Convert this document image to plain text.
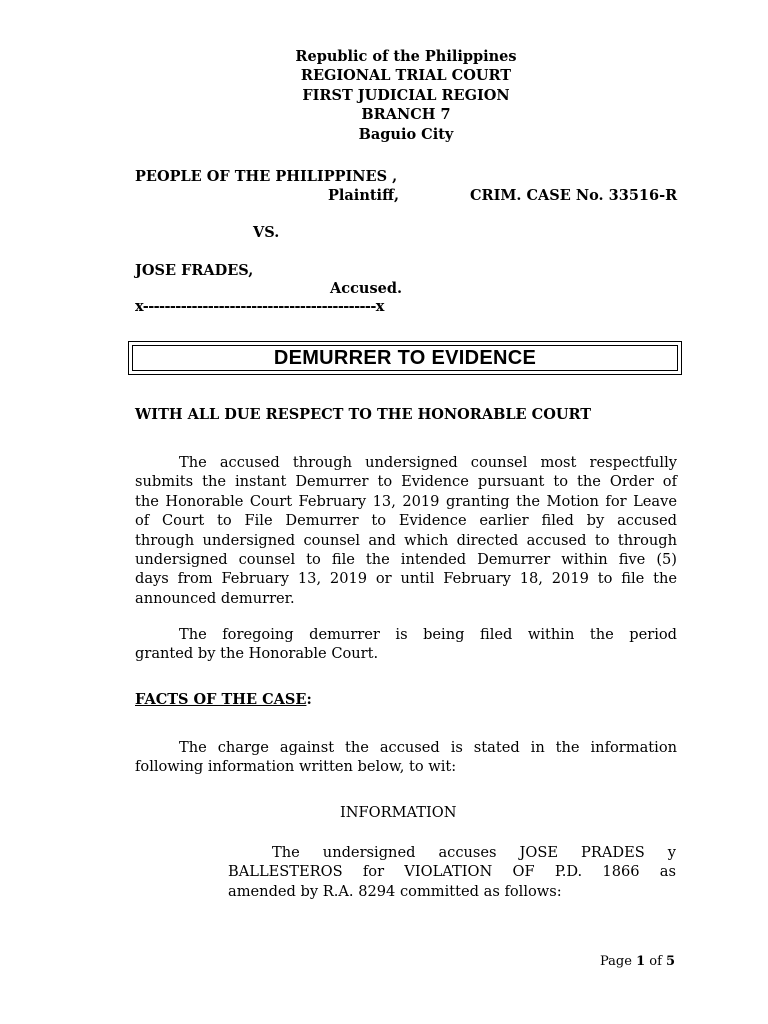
Republic of the Philippines
REGIONAL TRIAL COURT
FIRST JUDICIAL REGION
BRANCH 7
Baguio City
PEOPLE OF THE PHILIPPINES ,
Plaintiff,	CRIM. CASE No. 33516-R
VS.
JOSE FRADES,
Accused.
x-------------------------------------------x
DEMURRER TO EVIDENCE
WITH ALL DUE RESPECT TO THE HONORABLE COURT
The accused through undersigned counsel most respectfully
submits the instant Demurrer to Evidence pursuant to the Order of
the Honorable Court February 13, 2019 granting the Motion for Leave
of Court to File Demurrer to Evidence earlier filed by accused
through undersigned counsel and which directed accused to through
undersigned counsel to file the intended Demurrer within five (5)
days from February 13, 2019 or until February 18, 2019 to file the
announced demurrer.
The foregoing demurrer is being filed within the period
granted by the Honorable Court.
FACTS OF THE CASE:
The charge against the accused is stated in the information
following information written below, to wit:
INFORMATION
The undersigned accuses JOSE PRADES y
BALLESTEROS for VIOLATION OF P.D. 1866 as
amended by R.A. 8294 committed as follows:
Page 1 of 5
